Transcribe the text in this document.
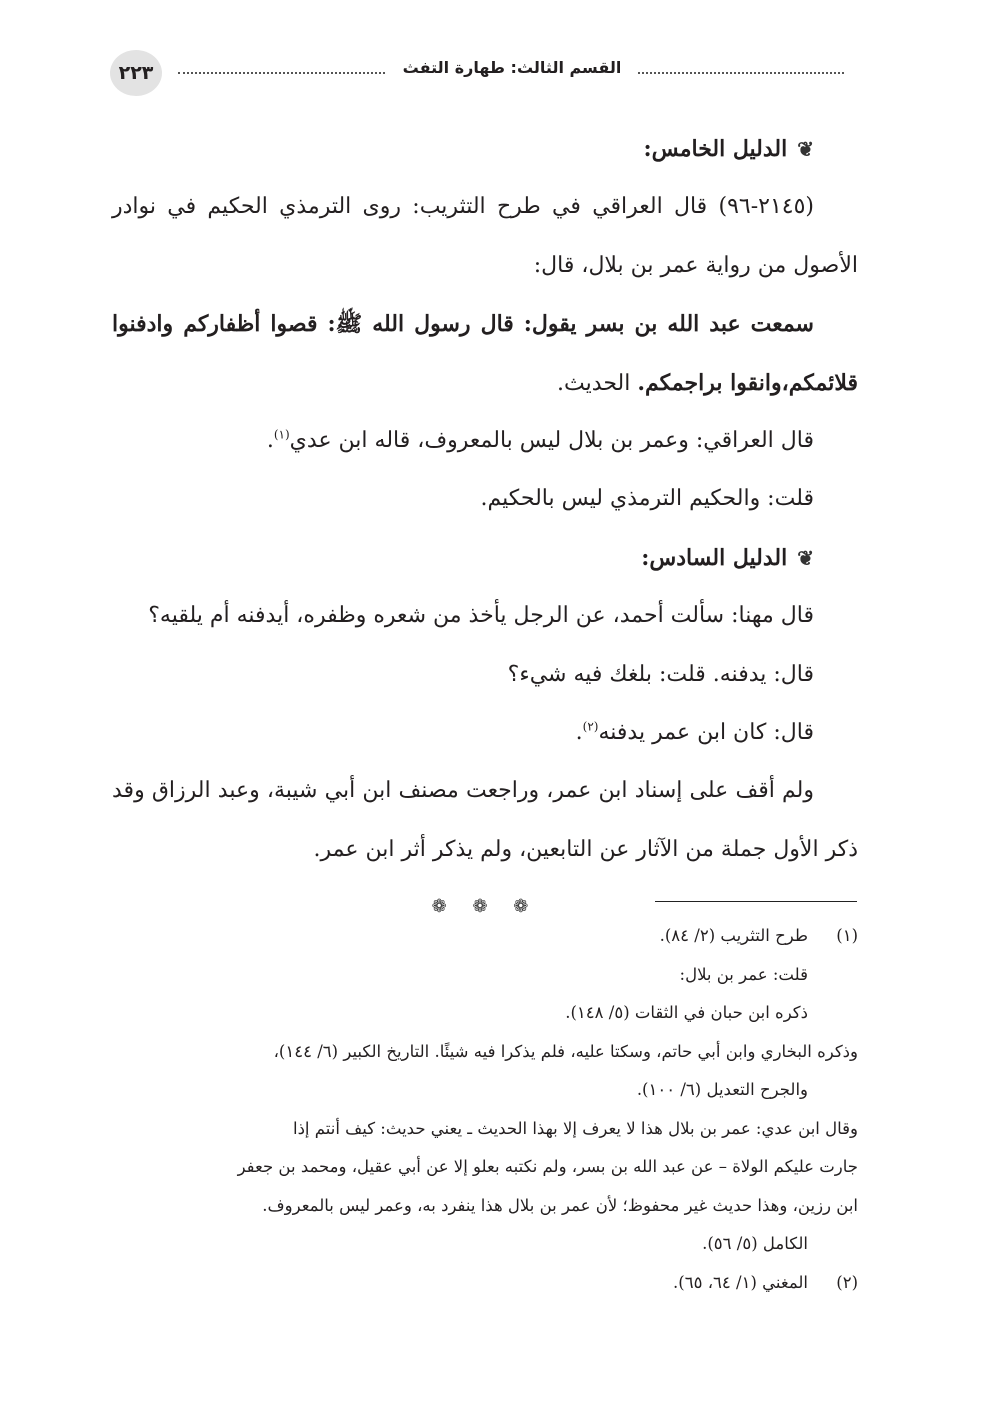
٢٢٣	القسم الثالث: طهارة التفث
❦الدليل الخامس:
(٢١٤٥-٩٦) قال العراقي في طرح التثريب: روى الترمذي الحكيم في نوادر
الأصول من رواية عمر بن بلال، قال:
سمعت عبد الله بن بسر يقول: قال رسول الله ﷺ: قصوا أظفاركم وادفنوا
قلائمكم،وانقوا براجمكم. الحديث.
قال العراقي: وعمر بن بلال ليس بالمعروف، قاله ابن عدي$^{(١)}$.
قلت: والحكيم الترمذي ليس بالحكيم.
❦الدليل السادس:
قال مهنا: سألت أحمد، عن الرجل يأخذ من شعره وظفره، أيدفنه أم يلقيه؟
قال: يدفنه. قلت: بلغك فيه شيء؟
قال: كان ابن عمر يدفنه$^{(٢)}$.
ولم أقف على إسناد ابن عمر، وراجعت مصنف ابن أبي شيبة، وعبد الرزاق وقد
ذكر الأول جملة من الآثار عن التابعين، ولم يذكر أثر ابن عمر.
❁ ❁ ❁
(١)طرح التثريب (٢/ ٨٤).
قلت: عمر بن بلال:
ذكره ابن حبان في الثقات (٥/ ١٤٨).
وذكره البخاري وابن أبي حاتم، وسكتا عليه، فلم يذكرا فيه شيئًا. التاريخ الكبير (٦/ ١٤٤)،
والجرح التعديل (٦/ ١٠٠).
وقال ابن عدي: عمر بن بلال هذا لا يعرف إلا بهذا الحديث ـ يعني حديث: كيف أنتم إذا
جارت عليكم الولاة – عن عبد الله بن بسر، ولم نكتبه بعلو إلا عن أبي عقيل، ومحمد بن جعفر
ابن رزين، وهذا حديث غير محفوظ؛ لأن عمر بن بلال هذا ينفرد به، وعمر ليس بالمعروف.
الكامل (٥/ ٥٦).
(٢)المغني (١/ ٦٤، ٦٥).
